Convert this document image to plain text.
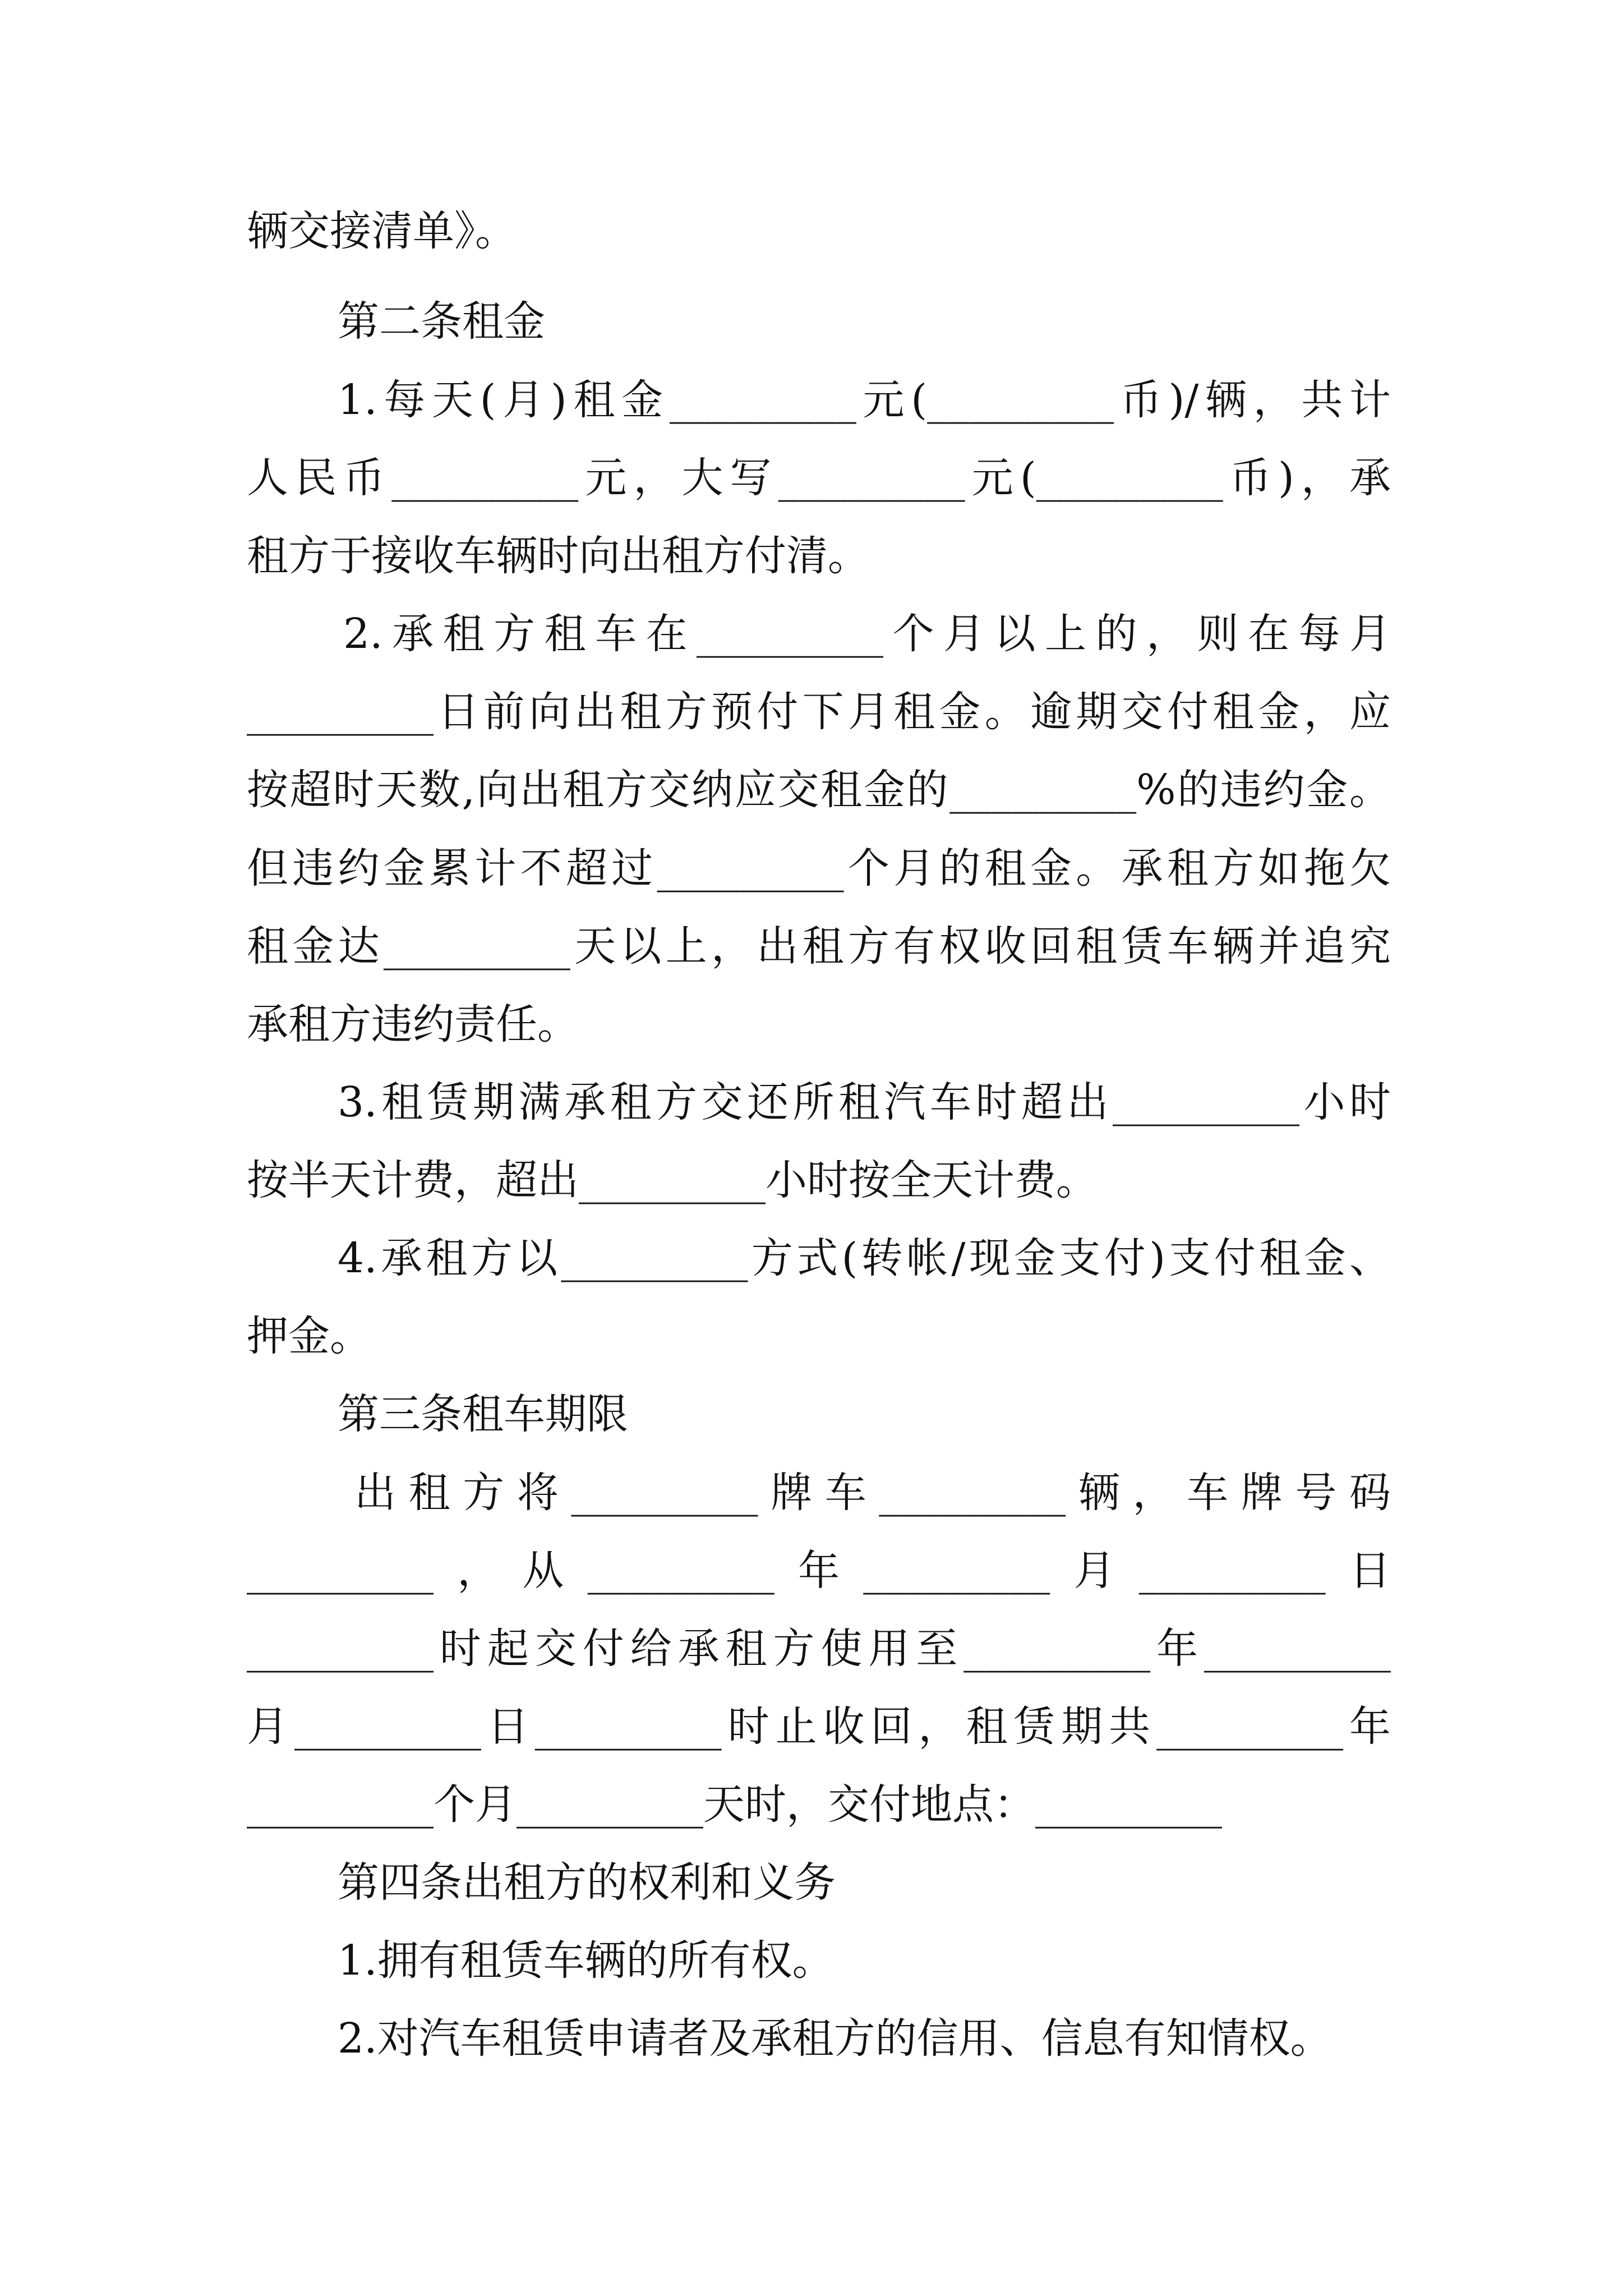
辆交接清单》。
第二条租金
1.每天(月)租金_________元(_________币)/辆，共计
人民币_________元，大写_________元(_________币)，承
租方于接收车辆时向出租方付清。
2.承租方租车在_________个月以上的，则在每月
_________日前向出租方预付下月租金。逾期交付租金，应
按超时天数,向出租方交纳应交租金的_________%的违约金。
但违约金累计不超过_________个月的租金。承租方如拖欠
租金达_________天以上，出租方有权收回租赁车辆并追究
承租方违约责任。
3.租赁期满承租方交还所租汽车时超出_________小时
按半天计费，超出_________小时按全天计费。
4.承租方以_________方式(转帐/现金支付)支付租金、
押金。
第三条租车期限
出租方将_________牌车_________辆，车牌号码
_________，从_________年_________月_________日
_________时起交付给承租方使用至_________年_________
月_________日_________时止收回，租赁期共_________年
_________个月_________天时，交付地点：_________
第四条出租方的权利和义务
1.拥有租赁车辆的所有权。
2.对汽车租赁申请者及承租方的信用、信息有知情权。
